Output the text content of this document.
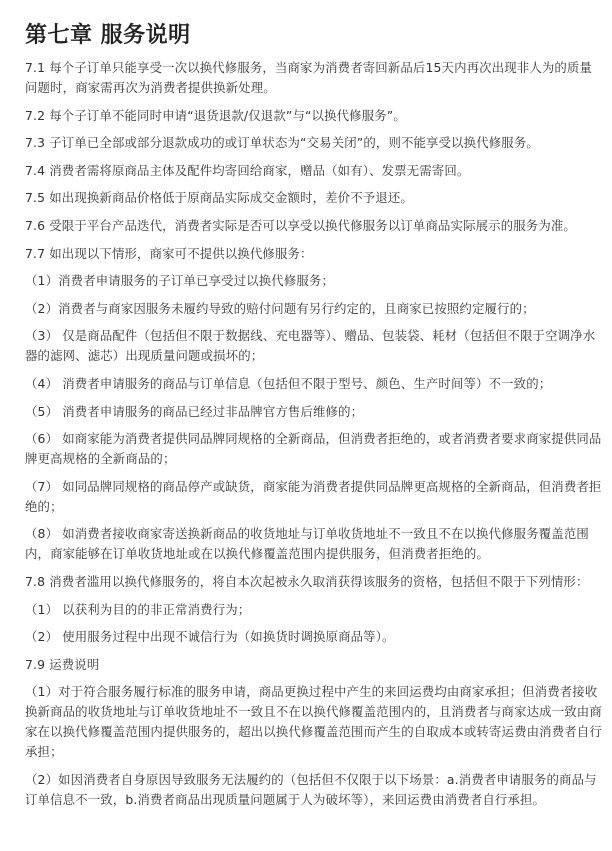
第七章 服务说明

7.1 每个子订单只能享受一次以换代修服务，当商家为消费者寄回新品后15天内再次出现非人为的质量问题时，商家需再次为消费者提供换新处理。

7.2 每个子订单不能同时申请“退货退款/仅退款”与“以换代修服务”。

7.3 子订单已全部或部分退款成功的或订单状态为“交易关闭”的，则不能享受以换代修服务。

7.4 消费者需将原商品主体及配件均寄回给商家，赠品（如有）、发票无需寄回。

7.5 如出现换新商品价格低于原商品实际成交金额时，差价不予退还。

7.6 受限于平台产品迭代，消费者实际是否可以享受以换代修服务以订单商品实际展示的服务为准。

7.7 如出现以下情形，商家可不提供以换代修服务：

（1）消费者申请服务的子订单已享受过以换代修服务；

（2）消费者与商家因服务未履约导致的赔付问题有另行约定的，且商家已按照约定履行的；

（3） 仅是商品配件（包括但不限于数据线、充电器等）、赠品、包装袋、耗材（包括但不限于空调净水器的滤网、滤芯）出现质量问题或损坏的；

（4） 消费者申请服务的商品与订单信息（包括但不限于型号、颜色、生产时间等）不一致的；

（5） 消费者申请服务的商品已经过非品牌官方售后维修的；

（6） 如商家能为消费者提供同品牌同规格的全新商品，但消费者拒绝的，或者消费者要求商家提供同品牌更高规格的全新商品的；

（7） 如同品牌同规格的商品停产或缺货，商家能为消费者提供同品牌更高规格的全新商品，但消费者拒绝的；

（8） 如消费者接收商家寄送换新商品的收货地址与订单收货地址不一致且不在以换代修服务覆盖范围内，商家能够在订单收货地址或在以换代修覆盖范围内提供服务，但消费者拒绝的。

7.8 消费者滥用以换代修服务的，将自本次起被永久取消获得该服务的资格，包括但不限于下列情形：

（1） 以获利为目的的非正常消费行为；

（2） 使用服务过程中出现不诚信行为（如换货时调换原商品等）。

7.9 运费说明

（1）对于符合服务履行标准的服务申请，商品更换过程中产生的来回运费均由商家承担；但消费者接收换新商品的收货地址与订单收货地址不一致且不在以换代修覆盖范围内的，且消费者与商家达成一致由商家在以换代修覆盖范围内提供服务的，超出以换代修覆盖范围而产生的自取成本或转寄运费由消费者自行承担；

（2）如因消费者自身原因导致服务无法履约的（包括但不仅限于以下场景：a.消费者申请服务的商品与订单信息不一致，b.消费者商品出现质量问题属于人为破坏等），来回运费由消费者自行承担。
